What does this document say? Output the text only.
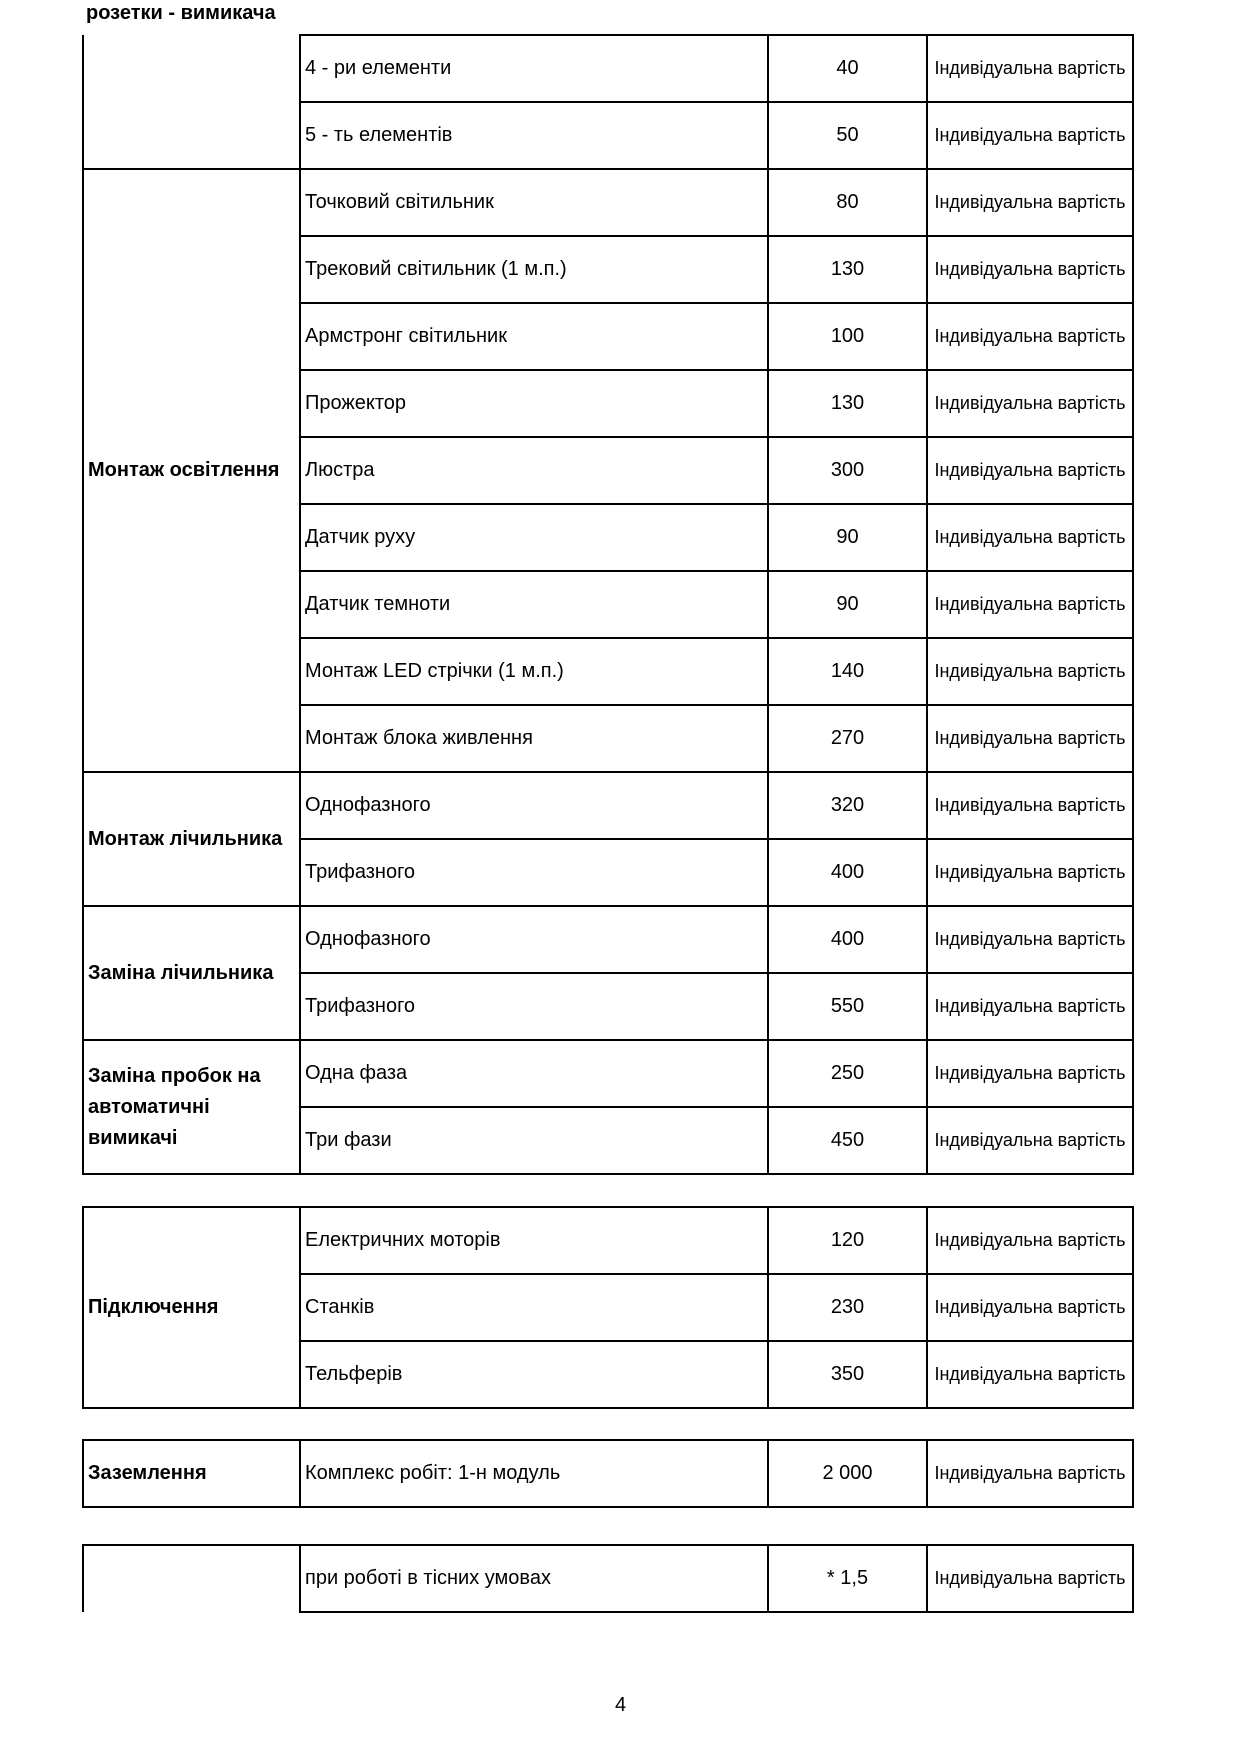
розетки - вимикача
	4 - ри елементи	40	Індивідуальна вартість
	5 - ть елементів	50	Індивідуальна вартість
Монтаж освітлення	Точковий світильник	80	Індивідуальна вартість
	Трековий світильник (1 м.п.)	130	Індивідуальна вартість
	Армстронг світильник	100	Індивідуальна вартість
	Прожектор	130	Індивідуальна вартість
	Люстра	300	Індивідуальна вартість
	Датчик руху	90	Індивідуальна вартість
	Датчик темноти	90	Індивідуальна вартість
	Монтаж LED стрічки (1 м.п.)	140	Індивідуальна вартість
	Монтаж блока живлення	270	Індивідуальна вартість
Монтаж лічильника	Однофазного	320	Індивідуальна вартість
	Трифазного	400	Індивідуальна вартість
Заміна лічильника	Однофазного	400	Індивідуальна вартість
	Трифазного	550	Індивідуальна вартість
Заміна пробок на автоматичні вимикачі	Одна фаза	250	Індивідуальна вартість
	Три фази	450	Індивідуальна вартість
Підключення	Електричних моторів	120	Індивідуальна вартість
	Станків	230	Індивідуальна вартість
	Тельферів	350	Індивідуальна вартість
Заземлення	Комплекс робіт: 1-н модуль	2 000	Індивідуальна вартість
	при роботі в тісних умовах	* 1,5	Індивідуальна вартість
4
